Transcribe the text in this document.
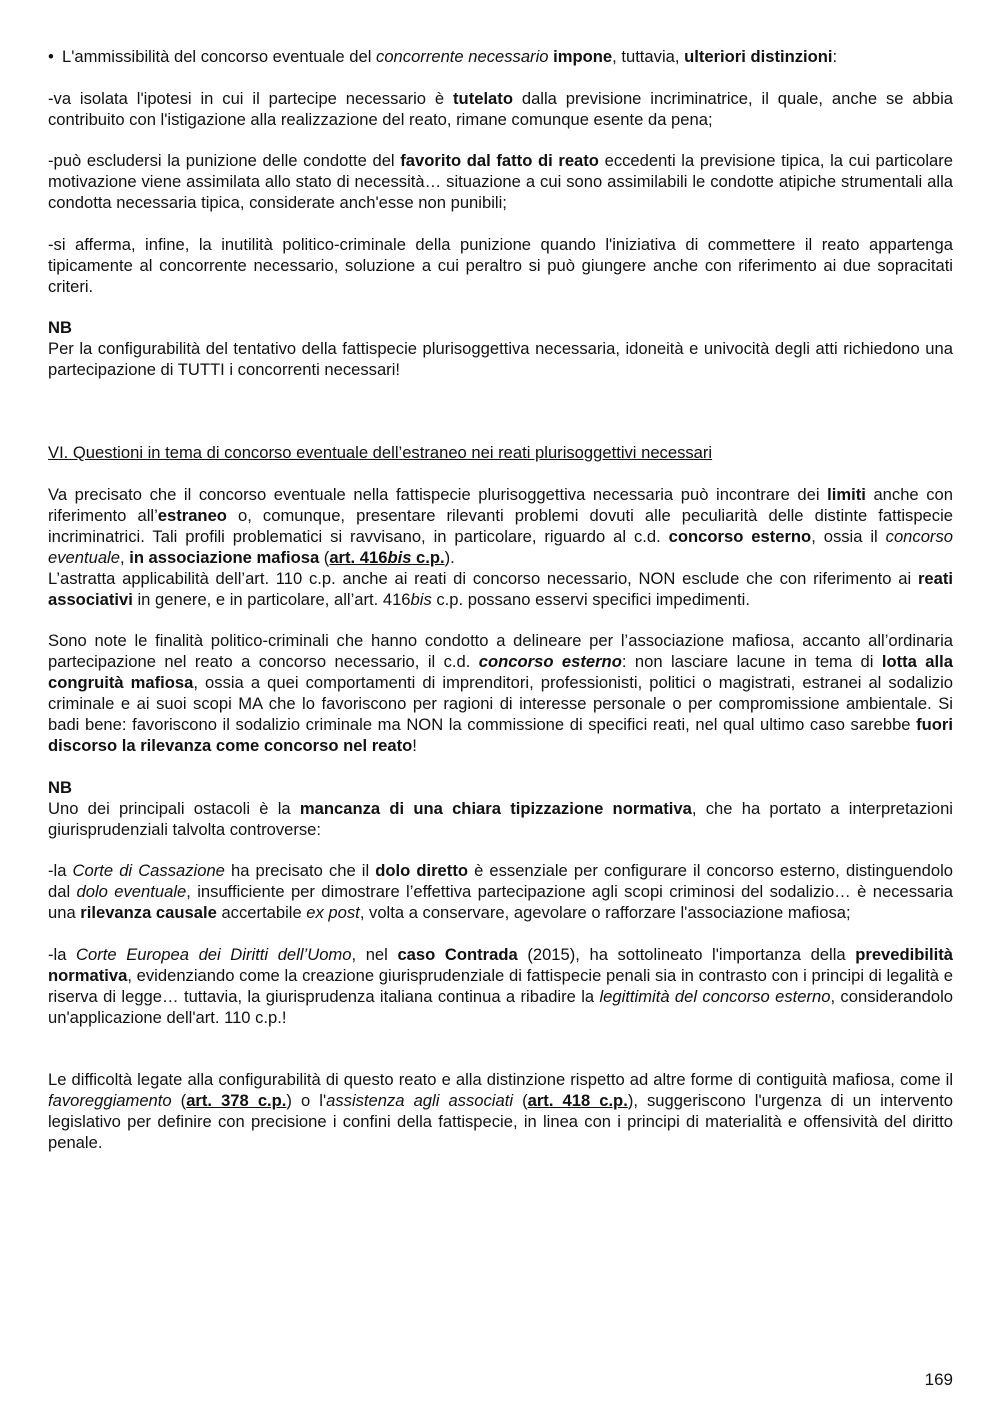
• L'ammissibilità del concorso eventuale del concorrente necessario impone, tuttavia, ulteriori distinzioni:

-va isolata l'ipotesi in cui il partecipe necessario è tutelato dalla previsione incriminatrice, il quale, anche se abbia contribuito con l'istigazione alla realizzazione del reato, rimane comunque esente da pena;

-può escludersi la punizione delle condotte del favorito dal fatto di reato eccedenti la previsione tipica, la cui particolare motivazione viene assimilata allo stato di necessità… situazione a cui sono assimilabili le condotte atipiche strumentali alla condotta necessaria tipica, considerate anch'esse non punibili;

-si afferma, infine, la inutilità politico-criminale della punizione quando l'iniziativa di commettere il reato appartenga tipicamente al concorrente necessario, soluzione a cui peraltro si può giungere anche con riferimento ai due sopracitati criteri.

NB

Per la configurabilità del tentativo della fattispecie plurisoggettiva necessaria, idoneità e univocità degli atti richiedono una partecipazione di TUTTI i concorrenti necessari!

VI. Questioni in tema di concorso eventuale dell’estraneo nei reati plurisoggettivi necessari

Va precisato che il concorso eventuale nella fattispecie plurisoggettiva necessaria può incontrare dei limiti anche con riferimento all’estraneo o, comunque, presentare rilevanti problemi dovuti alle peculiarità delle distinte fattispecie incriminatrici. Tali profili problematici si ravvisano, in particolare, riguardo al c.d. concorso esterno, ossia il concorso eventuale, in associazione mafiosa (art. 416bis c.p.).

L’astratta applicabilità dell’art. 110 c.p. anche ai reati di concorso necessario, NON esclude che con riferimento ai reati associativi in genere, e in particolare, all’art. 416bis c.p. possano esservi specifici impedimenti.

Sono note le finalità politico-criminali che hanno condotto a delineare per l’associazione mafiosa, accanto all’ordinaria partecipazione nel reato a concorso necessario, il c.d. concorso esterno: non lasciare lacune in tema di lotta alla congruità mafiosa, ossia a quei comportamenti di imprenditori, professionisti, politici o magistrati, estranei al sodalizio criminale e ai suoi scopi MA che lo favoriscono per ragioni di interesse personale o per compromissione ambientale. Si badi bene: favoriscono il sodalizio criminale ma NON la commissione di specifici reati, nel qual ultimo caso sarebbe fuori discorso la rilevanza come concorso nel reato!

NB

Uno dei principali ostacoli è la mancanza di una chiara tipizzazione normativa, che ha portato a interpretazioni giurisprudenziali talvolta controverse:

-la Corte di Cassazione ha precisato che il dolo diretto è essenziale per configurare il concorso esterno, distinguendolo dal dolo eventuale, insufficiente per dimostrare l’effettiva partecipazione agli scopi criminosi del sodalizio… è necessaria una rilevanza causale accertabile ex post, volta a conservare, agevolare o rafforzare l'associazione mafiosa;

-la Corte Europea dei Diritti dell’Uomo, nel caso Contrada (2015), ha sottolineato l'importanza della prevedibilità normativa, evidenziando come la creazione giurisprudenziale di fattispecie penali sia in contrasto con i principi di legalità e riserva di legge… tuttavia, la giurisprudenza italiana continua a ribadire la legittimità del concorso esterno, considerandolo un'applicazione dell'art. 110 c.p.!

Le difficoltà legate alla configurabilità di questo reato e alla distinzione rispetto ad altre forme di contiguità mafiosa, come il favoreggiamento (art. 378 c.p.) o l'assistenza agli associati (art. 418 c.p.), suggeriscono l'urgenza di un intervento legislativo per definire con precisione i confini della fattispecie, in linea con i principi di materialità e offensività del diritto penale.

169
